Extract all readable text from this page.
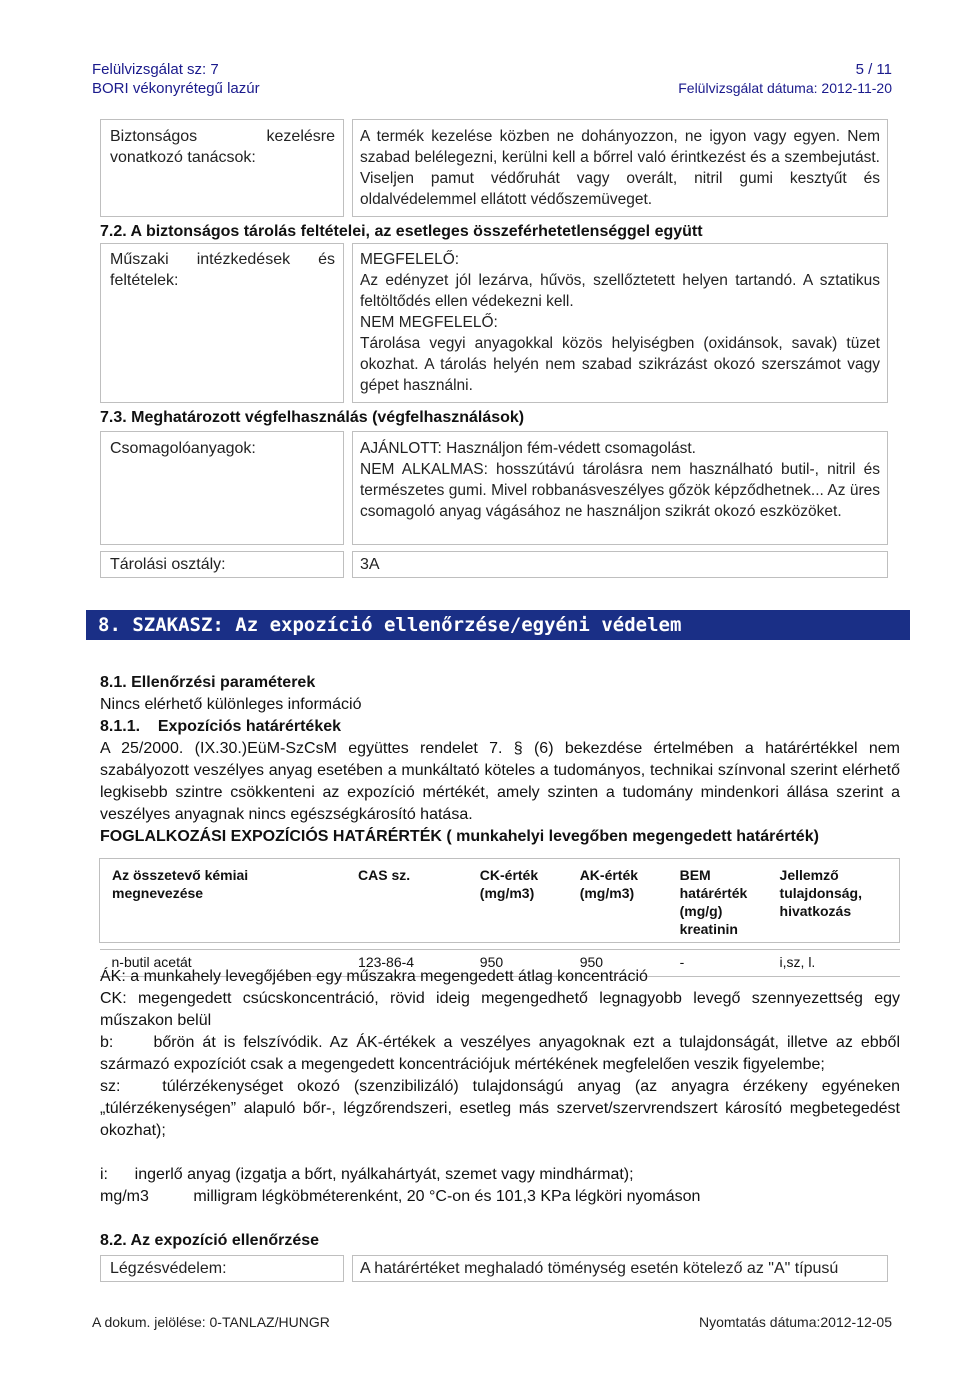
Felülvizsgálat sz: 7
BORI vékonyrétegű lazúr
5 / 11
Felülvizsgálat dátuma: 2012-11-20
Biztonságos kezelésre vonatkozó tanácsok:
A termék kezelése közben ne dohányozzon, ne igyon vagy egyen. Nem szabad belélegezni, kerülni kell a bőrrel való érintkezést és a szembejutást. Viseljen pamut védőruhát vagy overált, nitril gumi kesztyűt és oldalvédelemmel ellátott védőszemüveget.
7.2. A biztonságos tárolás feltételei, az esetleges összeférhetetlenséggel együtt
Műszaki intézkedések és feltételek:
MEGFELELŐ:
Az edényzet jól lezárva, hűvös, szellőztetett helyen tartandó. A sztatikus feltöltődés ellen védekezni kell.
NEM MEGFELELŐ:
Tárolása vegyi anyagokkal közös helyiségben (oxidánsok, savak) tüzet okozhat. A tárolás helyén nem szabad szikrázást okozó szerszámot vagy gépet használni.
7.3. Meghatározott végfelhasználás (végfelhasználások)
Csomagolóanyagok:	AJÁNLOTT: Használjon fém-védett csomagolást.
NEM ALKALMAS: hosszútávú tárolásra nem használható butil-, nitril és természetes gumi. Mivel robbanásveszélyes gőzök képződhetnek... Az üres csomagoló anyag vágásához ne használjon szikrát okozó eszközöket.
Tárolási osztály:	3A
8. SZAKASZ: Az expozíció ellenőrzése/egyéni védelem
8.1. Ellenőrzési paraméterek
Nincs elérhető különleges információ
8.1.1.    Expozíciós határértékek
A 25/2000. (IX.30.)EüM-SzCsM együttes rendelet 7. § (6) bekezdése értelmében a határértékkel nem szabályozott veszélyes anyag esetében a munkáltató köteles a tudományos, technikai színvonal szerint elérhető legkisebb szintre csökkenteni az expozíció mértékét, amely szinten a tudomány mindenkori állása szerint a veszélyes anyagnak nincs egészségkárosító hatása.
FOGLALKOZÁSI EXPOZÍCIÓS HATÁRÉRTÉK ( munkahelyi levegőben megengedett határérték)
Az összetevő kémiai megnevezése	CAS sz.	CK-érték (mg/m3)	AK-érték (mg/m3)	BEM határérték (mg/g) kreatinin	Jellemző tulajdonság, hivatkozás

n-butil acetát	123-86-4	950	950	-	i,sz, l.
ÁK: a munkahely levegőjében egy műszakra megengedett átlag koncentráció
CK: megengedett csúcskoncentráció, rövid ideig megengedhető legnagyobb levegő szennyezettség egy műszakon belül
b:     bőrön át is felszívódik. Az ÁK-értékek a veszélyes anyagoknak ezt a tulajdonságát, illetve az ebből származó expozíciót csak a megengedett koncentrációjuk mértékének megfelelően veszik figyelembe;
sz:   túlérzékenységet okozó (szenzibilizáló) tulajdonságú anyag (az anyagra érzékeny egyéneken „túlérzékenységen” alapuló bőr-, légzőrendszeri, esetleg más szervet/szervrendszert károsító megbetegedést okozhat);
i:      ingerlő anyag (izgatja a bőrt, nyálkahártyát, szemet vagy mindhármat);
mg/m3          milligram légköbméterenként, 20 °C-on és 101,3 KPa légköri nyomáson
8.2. Az expozíció ellenőrzése
Légzésvédelem:	A határértéket meghaladó töménység esetén kötelező az "A" típusú
A dokum. jelölése: 0-TANLAZ/HUNGR	Nyomtatás dátuma:2012-12-05
